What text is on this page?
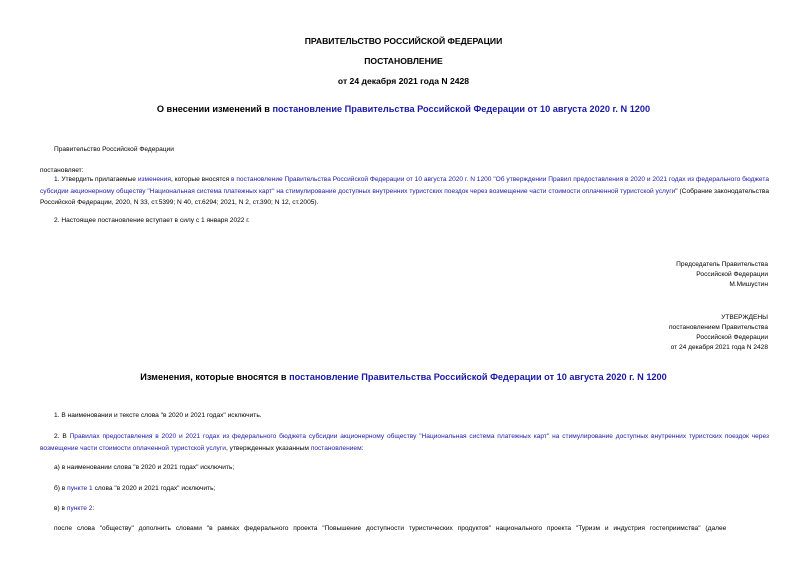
ПРАВИТЕЛЬСТВО РОССИЙСКОЙ ФЕДЕРАЦИИ
ПОСТАНОВЛЕНИЕ
от 24 декабря 2021 года N 2428
О внесении изменений в постановление Правительства Российской Федерации от 10 августа 2020 г. N 1200
Правительство Российской Федерации
постановляет:
1. Утвердить прилагаемые изменения, которые вносятся в постановление Правительства Российской Федерации от 10 августа 2020 г. N 1200 "Об утверждении Правил предоставления в 2020 и 2021 годах из федерального бюджета субсидии акционерному обществу "Национальная система платежных карт" на стимулирование доступных внутренних туристских поездок через возмещение части стоимости оплаченной туристской услуги" (Собрание законодательства Российской Федерации, 2020, N 33, ст.5399; N 40, ст.6294; 2021, N 2, ст.390; N 12, ст.2005).
2. Настоящее постановление вступает в силу с 1 января 2022 г.
Председатель Правительства
Российской Федерации
М.Мишустин
УТВЕРЖДЕНЫ
постановлением Правительства
Российской Федерации
от 24 декабря 2021 года N 2428
Изменения, которые вносятся в постановление Правительства Российской Федерации от 10 августа 2020 г. N 1200
1. В наименовании и тексте слова "в 2020 и 2021 годах" исключить.
2. В Правилах предоставления в 2020 и 2021 годах из федерального бюджета субсидии акционерному обществу "Национальная система платежных карт" на стимулирование доступных внутренних туристских поездок через возмещение части стоимости оплаченной туристской услуги, утвержденных указанным постановлением:
а) в наименовании слова "в 2020 и 2021 годах" исключить;
б) в пункте 1 слова "в 2020 и 2021 годах" исключить;
в) в пункте 2:
после слова "обществу" дополнить словами "в рамках федерального проекта "Повышение доступности туристических продуктов" национального проекта "Туризм и индустрия гостеприимства" (далее
